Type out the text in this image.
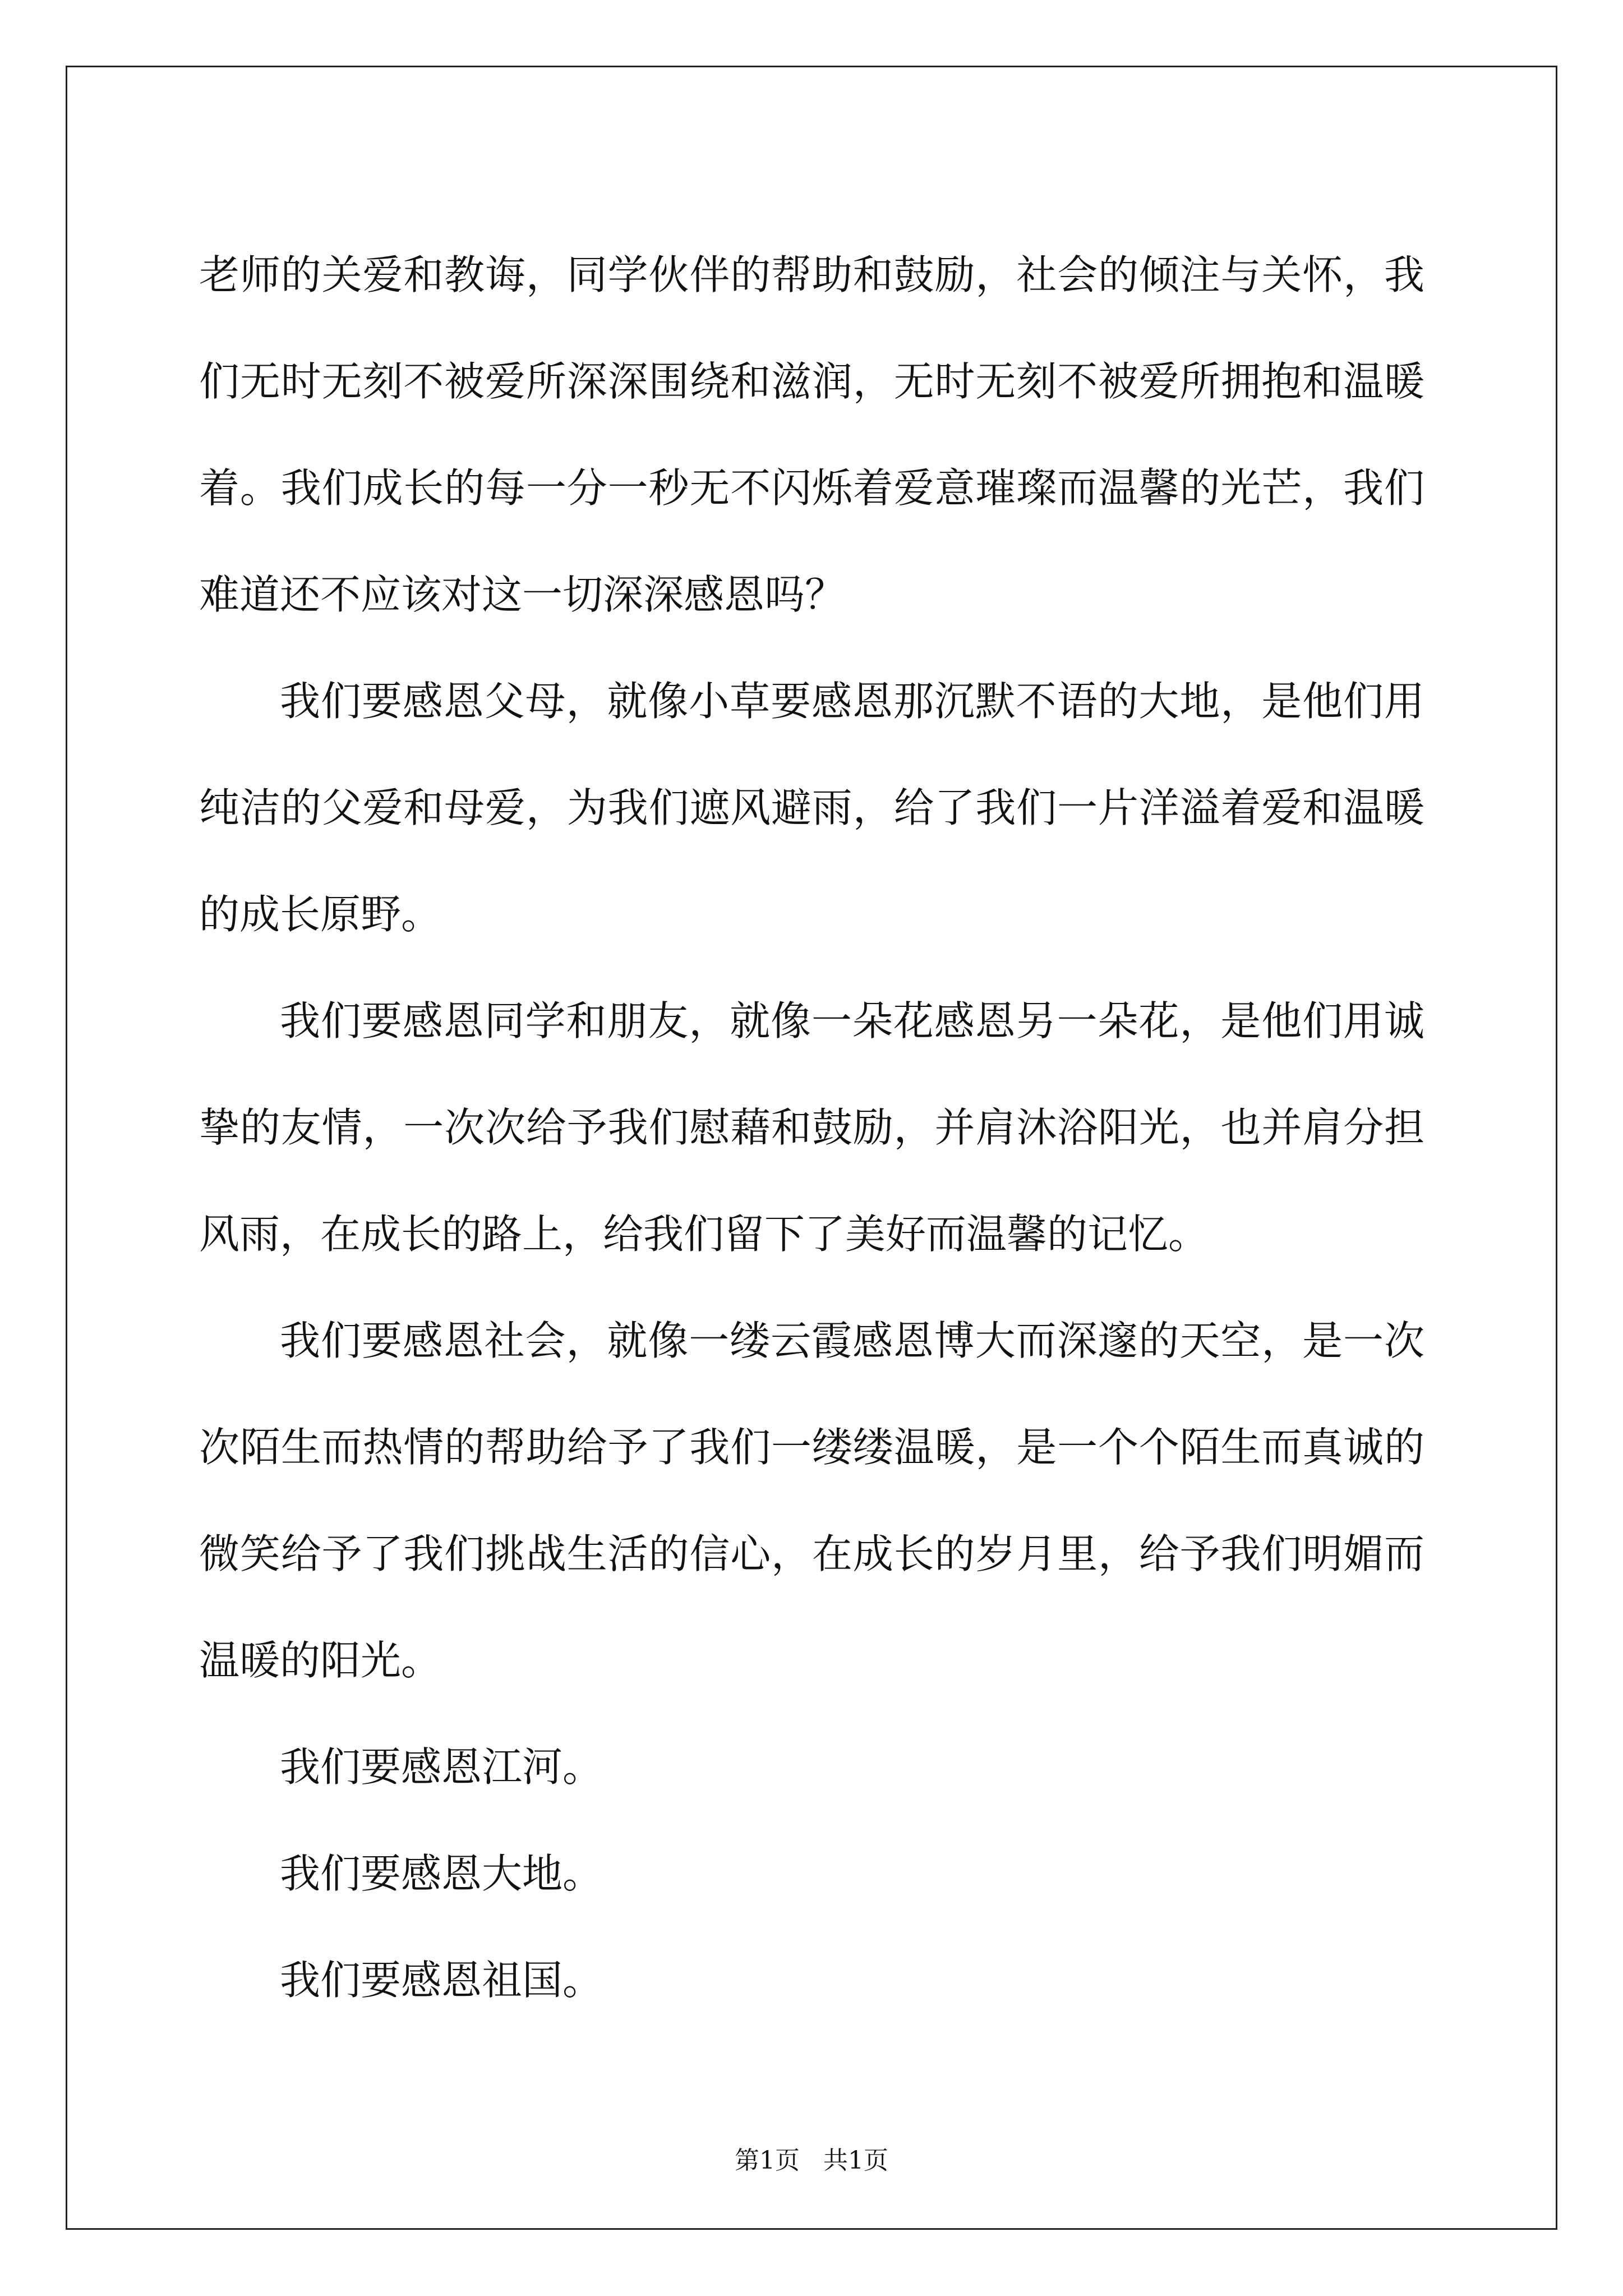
老师的关爱和教诲，同学伙伴的帮助和鼓励，社会的倾注与关怀，我们无时无刻不被爱所深深围绕和滋润，无时无刻不被爱所拥抱和温暖着。我们成长的每一分一秒无不闪烁着爱意璀璨而温馨的光芒，我们难道还不应该对这一切深深感恩吗？

我们要感恩父母，就像小草要感恩那沉默不语的大地，是他们用纯洁的父爱和母爱，为我们遮风避雨，给了我们一片洋溢着爱和温暖的成长原野。

我们要感恩同学和朋友，就像一朵花感恩另一朵花，是他们用诚挚的友情，一次次给予我们慰藉和鼓励，并肩沐浴阳光，也并肩分担风雨，在成长的路上，给我们留下了美好而温馨的记忆。

我们要感恩社会，就像一缕云霞感恩博大而深邃的天空，是一次次陌生而热情的帮助给予了我们一缕缕温暖，是一个个陌生而真诚的微笑给予了我们挑战生活的信心，在成长的岁月里，给予我们明媚而温暖的阳光。

我们要感恩江河。

我们要感恩大地。

我们要感恩祖国。

第1页 共1页
